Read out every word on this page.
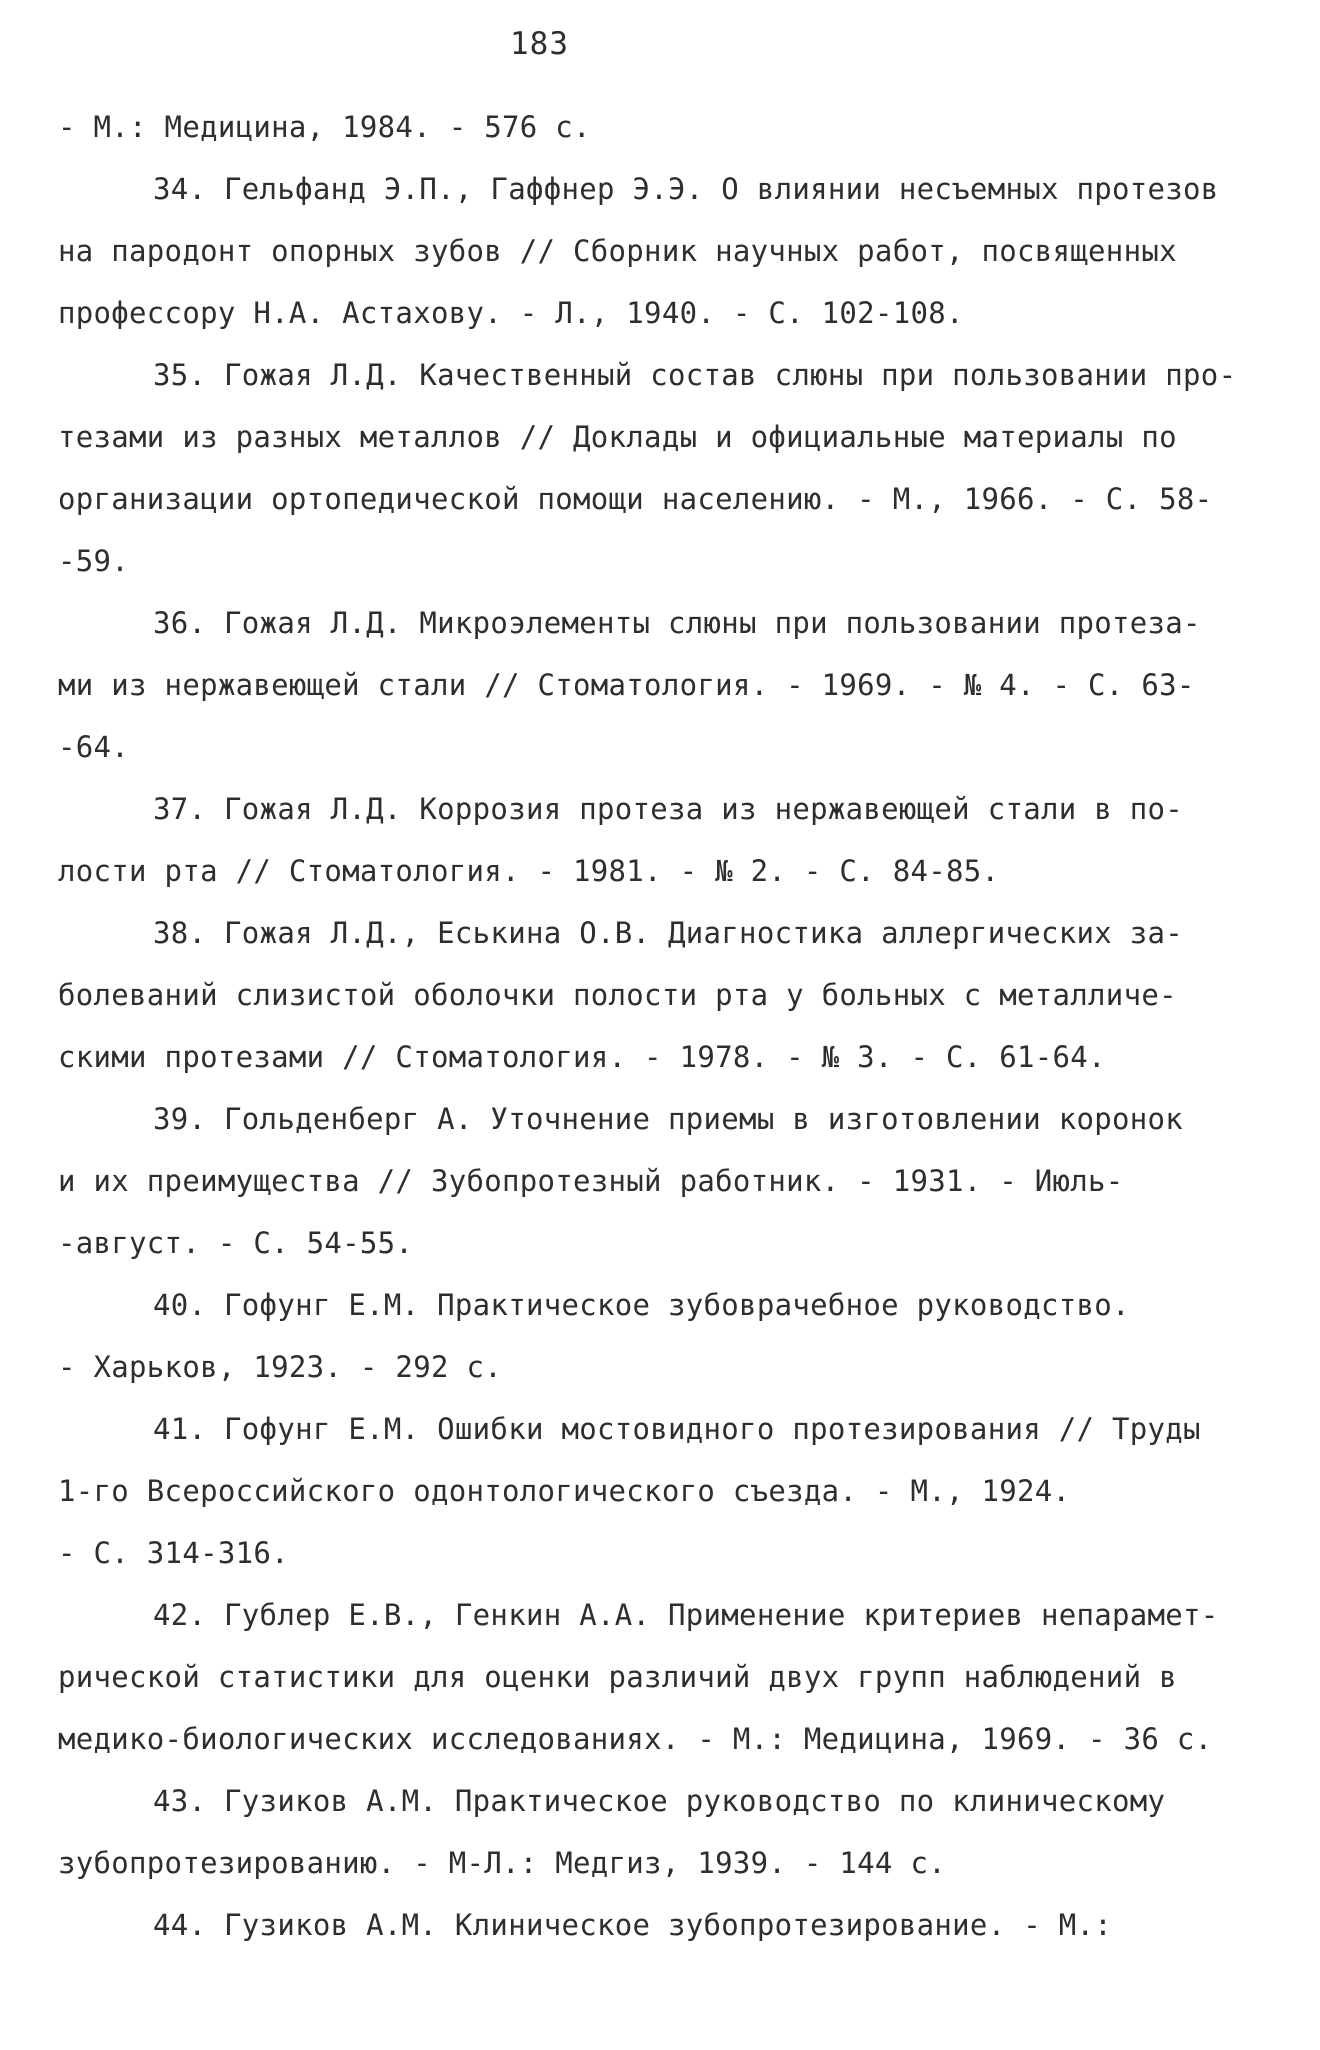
183
- М.: Медицина, 1984. - 576 с.
34. Гельфанд Э.П., Гаффнер Э.Э. О влиянии несъемных протезов
на пародонт опорных зубов // Сборник научных работ, посвященных
профессору Н.А. Астахову. - Л., 1940. - С. 102-108.
35. Гожая Л.Д. Качественный состав слюны при пользовании про-
тезами из разных металлов // Доклады и официальные материалы по
организации ортопедической помощи населению. - М., 1966. - С. 58-
-59.
36. Гожая Л.Д. Микроэлементы слюны при пользовании протеза-
ми из нержавеющей стали // Стоматология. - 1969. - № 4. - С. 63-
-64.
37. Гожая Л.Д. Коррозия протеза из нержавеющей стали в по-
лости рта // Стоматология. - 1981. - № 2. - С. 84-85.
38. Гожая Л.Д., Еськина О.В. Диагностика аллергических за-
болеваний слизистой оболочки полости рта у больных с металличе-
скими протезами // Стоматология. - 1978. - № 3. - С. 61-64.
39. Гольденберг А. Уточнение приемы в изготовлении коронок
и их преимущества // Зубопротезный работник. - 1931. - Июль-
-август. - С. 54-55.
40. Гофунг Е.М. Практическое зубоврачебное руководство.
- Харьков, 1923. - 292 с.
41. Гофунг Е.М. Ошибки мостовидного протезирования // Труды
1-го Всероссийского одонтологического съезда. - М., 1924.
- С. 314-316.
42. Гублер Е.В., Генкин А.А. Применение критериев непарамет-
рической статистики для оценки различий двух групп наблюдений в
медико-биологических исследованиях. - М.: Медицина, 1969. - 36 с.
43. Гузиков А.М. Практическое руководство по клиническому
зубопротезированию. - М-Л.: Медгиз, 1939. - 144 с.
44. Гузиков А.М. Клиническое зубопротезирование. - М.:
